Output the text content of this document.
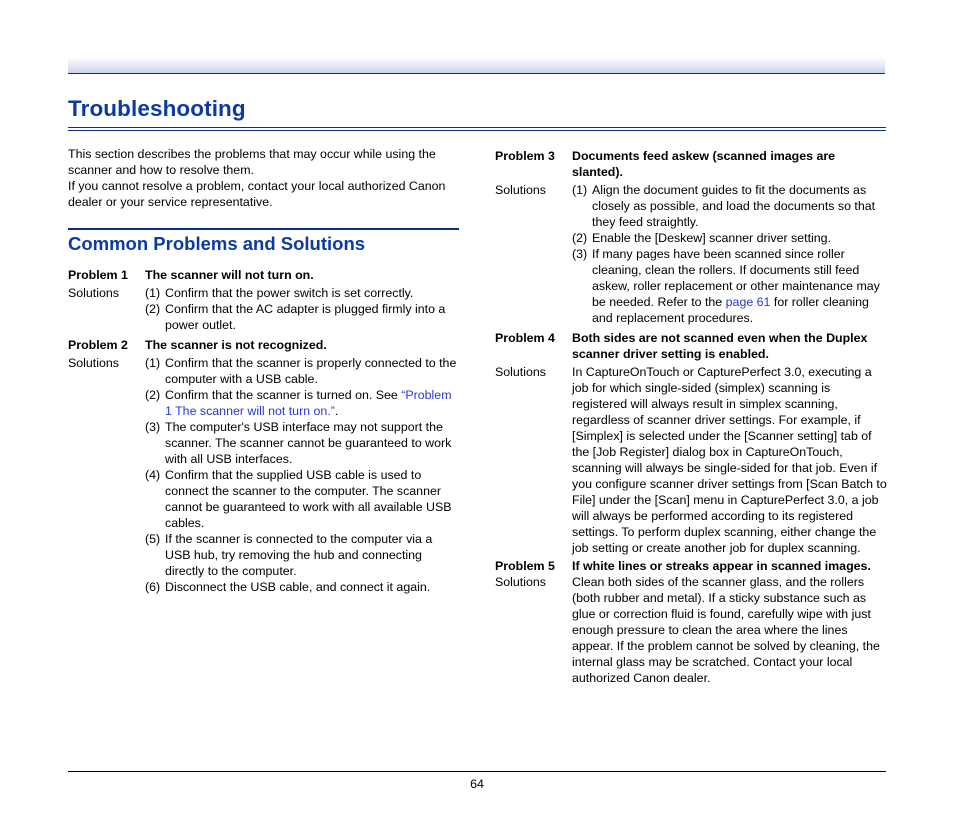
Troubleshooting

This section describes the problems that may occur while using the scanner and how to resolve them.

If you cannot resolve a problem, contact your local authorized Canon dealer or your service representative.

Common Problems and Solutions
Problem 1	The scanner will not turn on.
Solutions	(1) Confirm that the power switch is set correctly.
(2) Confirm that the AC adapter is plugged firmly into a power outlet.
Problem 2	The scanner is not recognized.
Solutions	(1) Confirm that the scanner is properly connected to the computer with a USB cable.
(2) Confirm that the scanner is turned on. See “Problem 1 The scanner will not turn on.”.
(3) The computer's USB interface may not support the scanner. The scanner cannot be guaranteed to work with all USB interfaces.
(4) Confirm that the supplied USB cable is used to connect the scanner to the computer. The scanner cannot be guaranteed to work with all available USB cables.
(5) If the scanner is connected to the computer via a USB hub, try removing the hub and connecting directly to the computer.
(6) Disconnect the USB cable, and connect it again.
Problem 3	Documents feed askew (scanned images are slanted).
Solutions	(1) Align the document guides to fit the documents as closely as possible, and load the documents so that they feed straightly.
(2) Enable the [Deskew] scanner driver setting.
(3) If many pages have been scanned since roller cleaning, clean the rollers. If documents still feed askew, roller replacement or other maintenance may be needed. Refer to the page 61 for roller cleaning and replacement procedures.
Problem 4	Both sides are not scanned even when the Duplex scanner driver setting is enabled.
Solutions	In CaptureOnTouch or CapturePerfect 3.0, executing a job for which single-sided (simplex) scanning is registered will always result in simplex scanning, regardless of scanner driver settings. For example, if [Simplex] is selected under the [Scanner setting] tab of the [Job Register] dialog box in CaptureOnTouch, scanning will always be single-sided for that job. Even if you configure scanner driver settings from [Scan Batch to File] under the [Scan] menu in CapturePerfect 3.0, a job will always be performed according to its registered settings. To perform duplex scanning, either change the job setting or create another job for duplex scanning.
Problem 5	If white lines or streaks appear in scanned images.
Solutions	Clean both sides of the scanner glass, and the rollers (both rubber and metal). If a sticky substance such as glue or correction fluid is found, carefully wipe with just enough pressure to clean the area where the lines appear. If the problem cannot be solved by cleaning, the internal glass may be scratched. Contact your local authorized Canon dealer.
64
